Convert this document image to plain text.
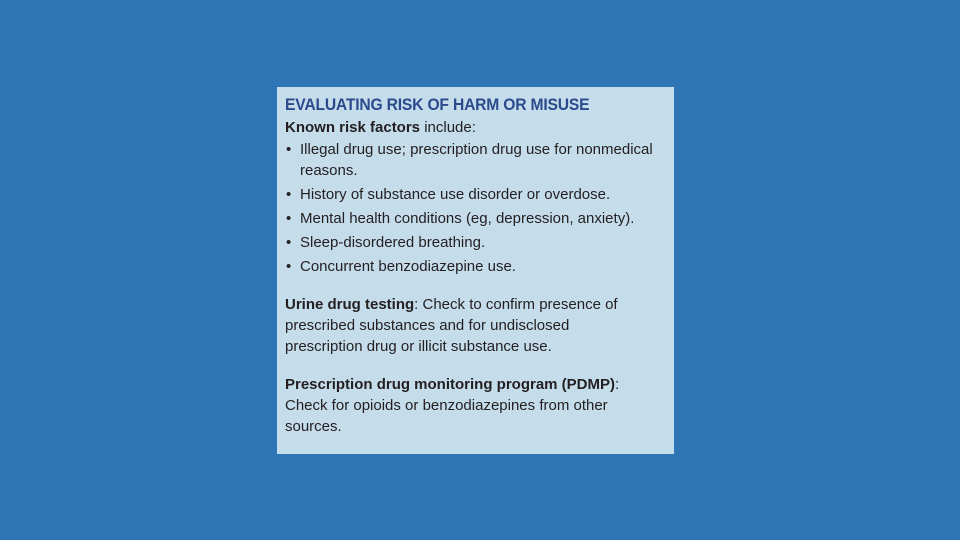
EVALUATING RISK OF HARM OR MISUSE
Known risk factors include:
• Illegal drug use; prescription drug use for nonmedical reasons.
• History of substance use disorder or overdose.
• Mental health conditions (eg, depression, anxiety).
• Sleep-disordered breathing.
• Concurrent benzodiazepine use.
Urine drug testing: Check to confirm presence of prescribed substances and for undisclosed prescription drug or illicit substance use.
Prescription drug monitoring program (PDMP): Check for opioids or benzodiazepines from other sources.
